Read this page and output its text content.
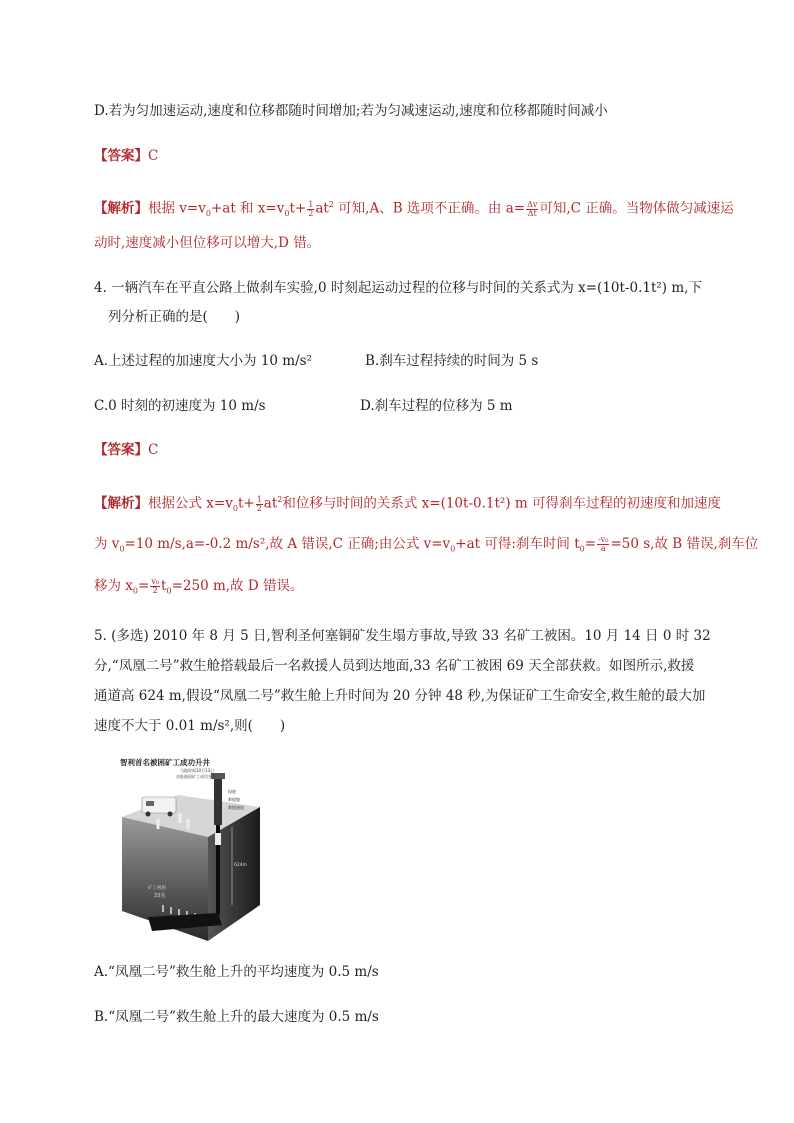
D.若为匀加速运动,速度和位移都随时间增加;若为匀减速运动,速度和位移都随时间减小
【答案】C
【解析】根据 $v=v_0+at$ 和 $x=v_0t+ \frac{1}{2} at^2$ 可知,A、B 选项不正确。由 $a= \frac{\Delta v}{\Delta t}$ 可知,C 正确。当物体做匀减速运
动时,速度减小但位移可以增大,D 错。
4. 一辆汽车在平直公路上做刹车实验,0 时刻起运动过程的位移与时间的关系式为 x=(10t-0.1t²) m,下
列分析正确的是(　　)
A.上述过程的加速度大小为 10 m/s²	B.刹车过程持续的时间为 5 s
C.0 时刻的初速度为 10 m/s	D.刹车过程的位移为 5 m
【答案】C
【解析】根据公式 $x=v_0t+ \frac{1}{2} at^2$和位移与时间的关系式 x=(10t-0.1t²) m 可得刹车过程的初速度和加速度
为 $v_0=10$ m/s,a=-0.2 m/s²,故 A 错误,C 正确;由公式 $v=v_0+at$ 可得:刹车时间 $t_0= \frac{\text{-v₀}}{a} =50$ s,故 B 错误,刹车位
移为 $x_0= \frac{\text{v₀}}{2} t_0=250$ m,故 D 错误。
5. (多选) 2010 年 8 月 5 日,智利圣何塞铜矿发生塌方事故,导致 33 名矿工被困。10 月 14 日 0 时 32
分,“凤凰二号”救生舱搭载最后一名救援人员到达地面,33 名矿工被困 69 天全部获救。如图所示,救援
通道高 624 m,假设“凤凰二号”救生舱上升时间为 20 分钟 48 秒,为保证矿工生命安全,救生舱的最大加
速度不大于 0.01 m/s²,则(　　)
智利首名被困矿工成功升井
当地时间10月13日
首批被困矿工成功升井
绞轮
救援舱
救援通道
624m
矿工被困
33名
A.“凤凰二号”救生舱上升的平均速度为 0.5 m/s
B.“凤凰二号”救生舱上升的最大速度为 0.5 m/s
